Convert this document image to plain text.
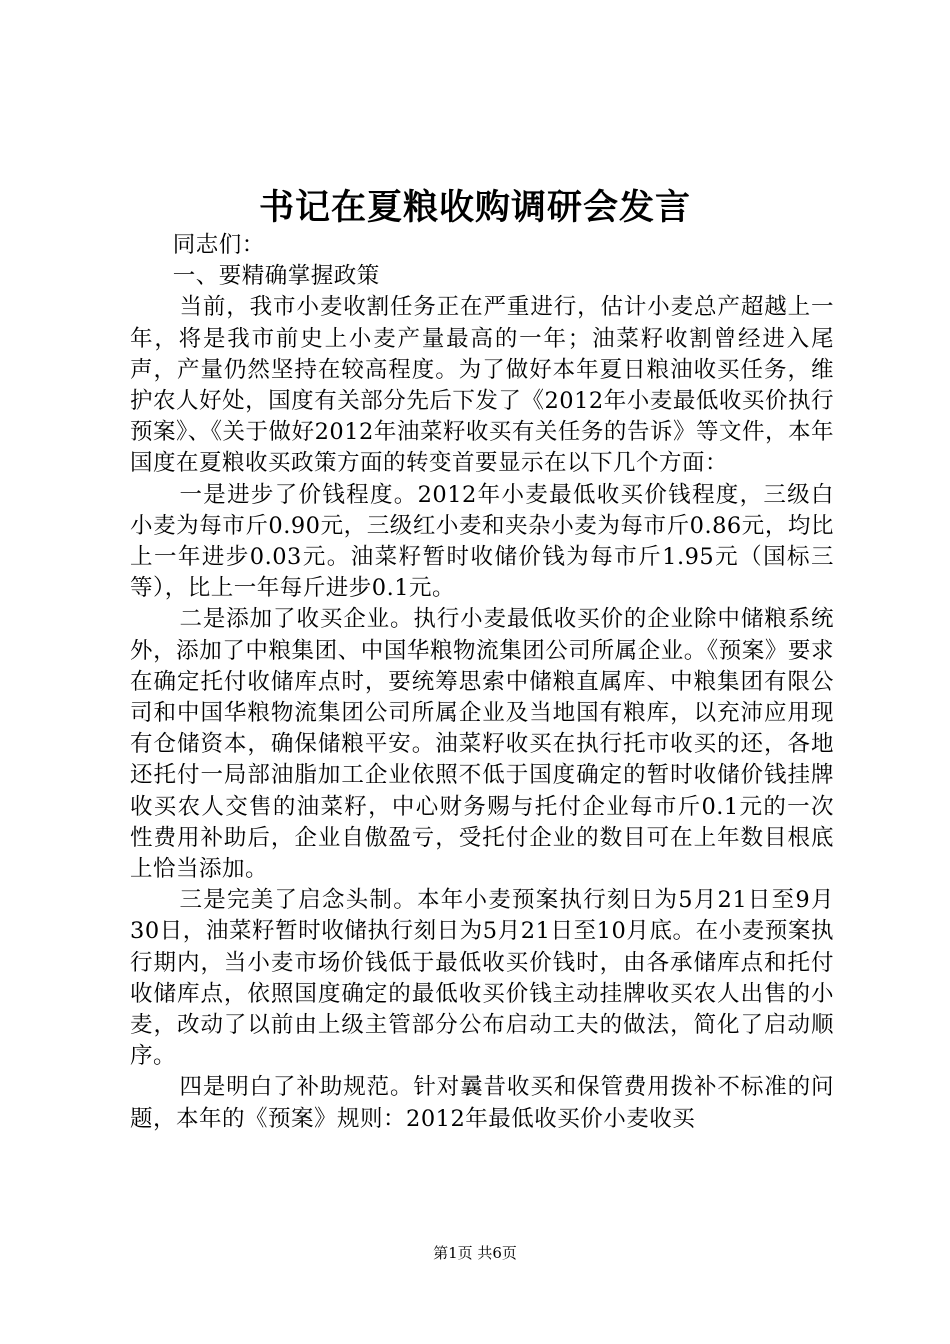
书记在夏粮收购调研会发言

同志们：

一、要精确掌握政策

当前，我市小麦收割任务正在严重进行，估计小麦总产超越上一年，将是我市前史上小麦产量最高的一年；油菜籽收割曾经进入尾声，产量仍然坚持在较高程度。为了做好本年夏日粮油收买任务，维护农人好处，国度有关部分先后下发了《2012年小麦最低收买价执行预案》、《关于做好2012年油菜籽收买有关任务的告诉》等文件，本年国度在夏粮收买政策方面的转变首要显示在以下几个方面：

一是进步了价钱程度。2012年小麦最低收买价钱程度，三级白小麦为每市斤0.90元，三级红小麦和夹杂小麦为每市斤0.86元，均比上一年进步0.03元。油菜籽暂时收储价钱为每市斤1.95元（国标三等），比上一年每斤进步0.1元。

二是添加了收买企业。执行小麦最低收买价的企业除中储粮系统外，添加了中粮集团、中国华粮物流集团公司所属企业。《预案》要求在确定托付收储库点时，要统筹思索中储粮直属库、中粮集团有限公司和中国华粮物流集团公司所属企业及当地国有粮库，以充沛应用现有仓储资本，确保储粮平安。油菜籽收买在执行托市收买的还，各地还托付一局部油脂加工企业依照不低于国度确定的暂时收储价钱挂牌收买农人交售的油菜籽，中心财务赐与托付企业每市斤0.1元的一次性费用补助后，企业自傲盈亏，受托付企业的数目可在上年数目根底上恰当添加。

三是完美了启念头制。本年小麦预案执行刻日为5月21日至9月30日，油菜籽暂时收储执行刻日为5月21日至10月底。在小麦预案执行期内，当小麦市场价钱低于最低收买价钱时，由各承储库点和托付收储库点，依照国度确定的最低收买价钱主动挂牌收买农人出售的小麦，改动了以前由上级主管部分公布启动工夫的做法，简化了启动顺序。

四是明白了补助规范。针对曩昔收买和保管费用拨补不标准的问题，本年的《预案》规则：2012年最低收买价小麦收买

第1页 共6页
